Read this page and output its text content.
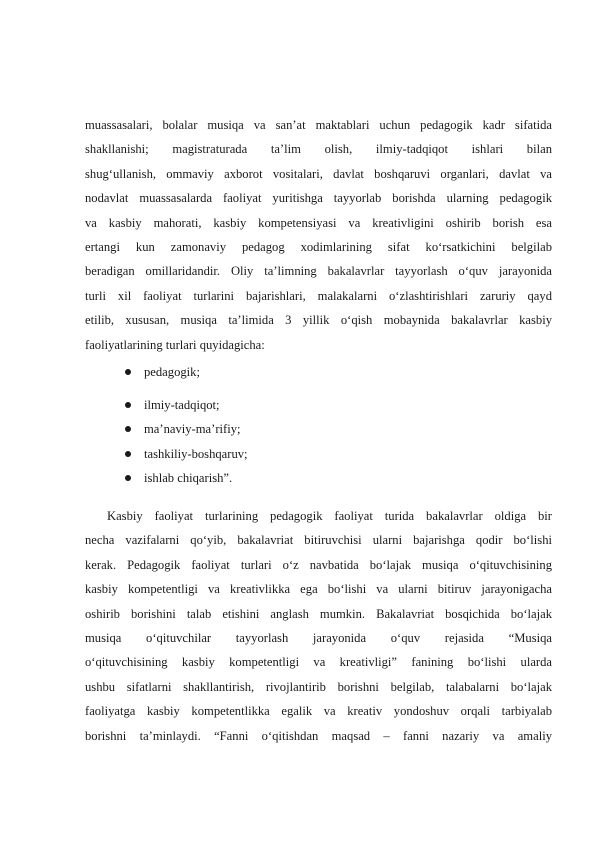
muassasalari, bolalar musiqa va san’at maktablari uchun pedagogik kadr sifatida
shakllanishi; magistraturada ta’lim olish, ilmiy-tadqiqot ishlari bilan
shug‘ullanish, ommaviy axborot vositalari, davlat boshqaruvi organlari, davlat va
nodavlat muassasalarda faoliyat yuritishga tayyorlab borishda ularning pedagogik
va kasbiy mahorati, kasbiy kompetensiyasi va kreativligini oshirib borish esa
ertangi kun zamonaviy pedagog xodimlarining sifat ko‘rsatkichini belgilab
beradigan omillaridandir. Oliy ta’limning bakalavrlar tayyorlash o‘quv jarayonida
turli xil faoliyat turlarini bajarishlari, malakalarni o‘zlashtirishlari zaruriy qayd
etilib, xususan, musiqa ta’limida 3 yillik o‘qish mobaynida bakalavrlar kasbiy
faoliyatlarining turlari quyidagicha:
pedagogik;
ilmiy-tadqiqot;
ma’naviy-ma’rifiy;
tashkiliy-boshqaruv;
ishlab chiqarish”.
Kasbiy faoliyat turlarining pedagogik faoliyat turida bakalavrlar oldiga bir
necha vazifalarni qo‘yib, bakalavriat bitiruvchisi ularni bajarishga qodir bo‘lishi
kerak. Pedagogik faoliyat turlari o‘z navbatida bo‘lajak musiqa o‘qituvchisining
kasbiy kompetentligi va kreativlikka ega bo‘lishi va ularni bitiruv jarayonigacha
oshirib borishini talab etishini anglash mumkin. Bakalavriat bosqichida bo‘lajak
musiqa o‘qituvchilar tayyorlash jarayonida o‘quv rejasida “Musiqa
o‘qituvchisining kasbiy kompetentligi va kreativligi” fanining bo‘lishi ularda
ushbu sifatlarni shakllantirish, rivojlantirib borishni belgilab, talabalarni bo‘lajak
faoliyatga kasbiy kompetentlikka egalik va kreativ yondoshuv orqali tarbiyalab
borishni ta’minlaydi. “Fanni o‘qitishdan maqsad – fanni nazariy va amaliy
